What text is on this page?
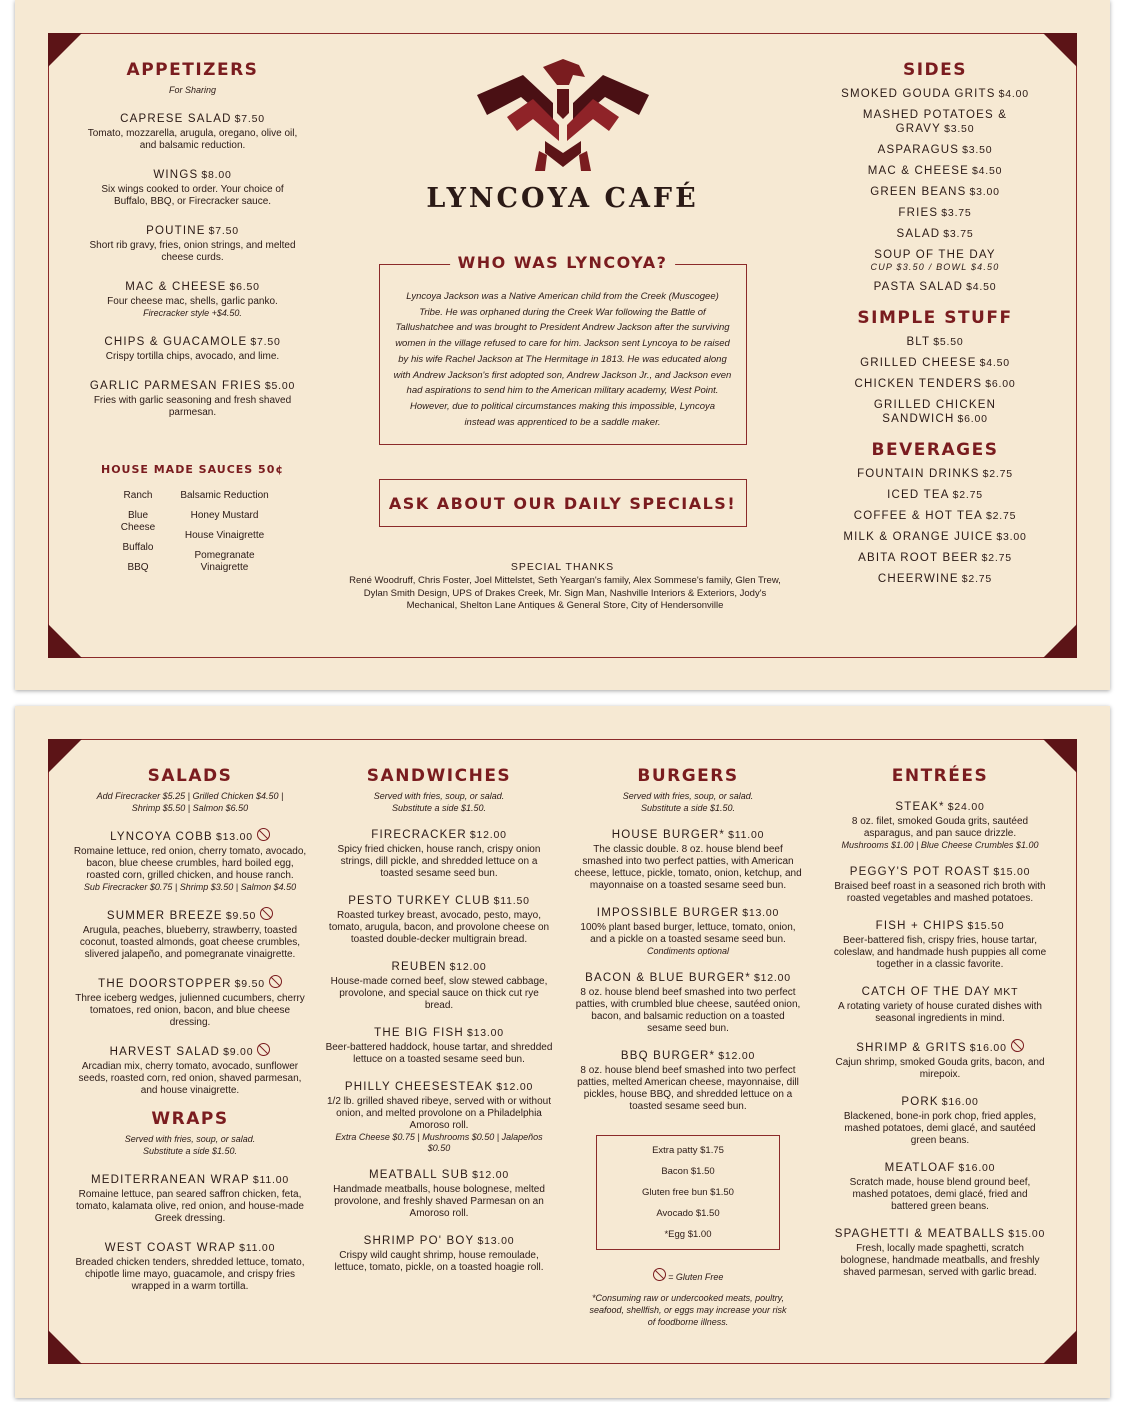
APPETIZERS
For Sharing
CAPRESE SALAD $7.50
Tomato, mozzarella, arugula, oregano, olive oil, and balsamic reduction.
WINGS $8.00
Six wings cooked to order. Your choice of Buffalo, BBQ, or Firecracker sauce.
POUTINE $7.50
Short rib gravy, fries, onion strings, and melted cheese curds.
MAC & CHEESE $6.50
Four cheese mac, shells, garlic panko.
Firecracker style +$4.50.
CHIPS & GUACAMOLE $7.50
Crispy tortilla chips, avocado, and lime.
GARLIC PARMESAN FRIES $5.00
Fries with garlic seasoning and fresh shaved parmesan.
HOUSE MADE SAUCES 50¢
Ranch
Blue Cheese
Buffalo
BBQ
Balsamic Reduction
Honey Mustard
House Vinaigrette
Pomegranate Vinaigrette
LYNCOYA CAFÉ
WHO WAS LYNCOYA?
Lyncoya Jackson was a Native American child from the Creek (Muscogee) Tribe. He was orphaned during the Creek War following the Battle of Tallushatchee and was brought to President Andrew Jackson after the surviving women in the village refused to care for him. Jackson sent Lyncoya to be raised by his wife Rachel Jackson at The Hermitage in 1813. He was educated along with Andrew Jackson's first adopted son, Andrew Jackson Jr., and Jackson even had aspirations to send him to the American military academy, West Point. However, due to political circumstances making this impossible, Lyncoya instead was apprenticed to be a saddle maker.
ASK ABOUT OUR DAILY SPECIALS!
SPECIAL THANKS
René Woodruff, Chris Foster, Joel Mittelstet, Seth Yeargan's family, Alex Sommese's family, Glen Trew, Dylan Smith Design, UPS of Drakes Creek, Mr. Sign Man, Nashville Interiors & Exteriors, Jody's Mechanical, Shelton Lane Antiques & General Store, City of Hendersonville
SIDES
SMOKED GOUDA GRITS $4.00
MASHED POTATOES & GRAVY $3.50
ASPARAGUS $3.50
MAC & CHEESE $4.50
GREEN BEANS $3.00
FRIES $3.75
SALAD $3.75
SOUP OF THE DAY
CUP $3.50 / BOWL $4.50
PASTA SALAD $4.50
SIMPLE STUFF
BLT $5.50
GRILLED CHEESE $4.50
CHICKEN TENDERS $6.00
GRILLED CHICKEN SANDWICH $6.00
BEVERAGES
FOUNTAIN DRINKS $2.75
ICED TEA $2.75
COFFEE & HOT TEA $2.75
MILK & ORANGE JUICE $3.00
ABITA ROOT BEER $2.75
CHEERWINE $2.75
SALADS
Add Firecracker $5.25 | Grilled Chicken $4.50 | Shrimp $5.50 | Salmon $6.50
LYNCOYA COBB $13.00
Romaine lettuce, red onion, cherry tomato, avocado, bacon, blue cheese crumbles, hard boiled egg, roasted corn, grilled chicken, and house ranch.
Sub Firecracker $0.75 | Shrimp $3.50 | Salmon $4.50
SUMMER BREEZE $9.50
Arugula, peaches, blueberry, strawberry, toasted coconut, toasted almonds, goat cheese crumbles, slivered jalapeño, and pomegranate vinaigrette.
THE DOORSTOPPER $9.50
Three iceberg wedges, julienned cucumbers, cherry tomatoes, red onion, bacon, and blue cheese dressing.
HARVEST SALAD $9.00
Arcadian mix, cherry tomato, avocado, sunflower seeds, roasted corn, red onion, shaved parmesan, and house vinaigrette.
WRAPS
Served with fries, soup, or salad. Substitute a side $1.50.
MEDITERRANEAN WRAP $11.00
Romaine lettuce, pan seared saffron chicken, feta, tomato, kalamata olive, red onion, and house-made Greek dressing.
WEST COAST WRAP $11.00
Breaded chicken tenders, shredded lettuce, tomato, chipotle lime mayo, guacamole, and crispy fries wrapped in a warm tortilla.
SANDWICHES
Served with fries, soup, or salad. Substitute a side $1.50.
FIRECRACKER $12.00
Spicy fried chicken, house ranch, crispy onion strings, dill pickle, and shredded lettuce on a toasted sesame seed bun.
PESTO TURKEY CLUB $11.50
Roasted turkey breast, avocado, pesto, mayo, tomato, arugula, bacon, and provolone cheese on toasted double-decker multigrain bread.
REUBEN $12.00
House-made corned beef, slow stewed cabbage, provolone, and special sauce on thick cut rye bread.
THE BIG FISH $13.00
Beer-battered haddock, house tartar, and shredded lettuce on a toasted sesame seed bun.
PHILLY CHEESESTEAK $12.00
1/2 lb. grilled shaved ribeye, served with or without onion, and melted provolone on a Philadelphia Amoroso roll.
Extra Cheese $0.75 | Mushrooms $0.50 | Jalapeños $0.50
MEATBALL SUB $12.00
Handmade meatballs, house bolognese, melted provolone, and freshly shaved Parmesan on an Amoroso roll.
SHRIMP PO' BOY $13.00
Crispy wild caught shrimp, house remoulade, lettuce, tomato, pickle, on a toasted hoagie roll.
BURGERS
Served with fries, soup, or salad. Substitute a side $1.50.
HOUSE BURGER* $11.00
The classic double. 8 oz. house blend beef smashed into two perfect patties, with American cheese, lettuce, pickle, tomato, onion, ketchup, and mayonnaise on a toasted sesame seed bun.
IMPOSSIBLE BURGER $13.00
100% plant based burger, lettuce, tomato, onion, and a pickle on a toasted sesame seed bun.
Condiments optional
BACON & BLUE BURGER* $12.00
8 oz. house blend beef smashed into two perfect patties, with crumbled blue cheese, sautéed onion, bacon, and balsamic reduction on a toasted sesame seed bun.
BBQ BURGER* $12.00
8 oz. house blend beef smashed into two perfect patties, melted American cheese, mayonnaise, dill pickles, house BBQ, and shredded lettuce on a toasted sesame seed bun.
Extra patty $1.75
Bacon $1.50
Gluten free bun $1.50
Avocado $1.50
*Egg $1.00
= Gluten Free
*Consuming raw or undercooked meats, poultry, seafood, shellfish, or eggs may increase your risk of foodborne illness.
ENTRÉES
STEAK* $24.00
8 oz. filet, smoked Gouda grits, sautéed asparagus, and pan sauce drizzle.
Mushrooms $1.00 | Blue Cheese Crumbles $1.00
PEGGY'S POT ROAST $15.00
Braised beef roast in a seasoned rich broth with roasted vegetables and mashed potatoes.
FISH + CHIPS $15.50
Beer-battered fish, crispy fries, house tartar, coleslaw, and handmade hush puppies all come together in a classic favorite.
CATCH OF THE DAY MKT
A rotating variety of house curated dishes with seasonal ingredients in mind.
SHRIMP & GRITS $16.00
Cajun shrimp, smoked Gouda grits, bacon, and mirepoix.
PORK $16.00
Blackened, bone-in pork chop, fried apples, mashed potatoes, demi glacé, and sautéed green beans.
MEATLOAF $16.00
Scratch made, house blend ground beef, mashed potatoes, demi glacé, fried and battered green beans.
SPAGHETTI & MEATBALLS $15.00
Fresh, locally made spaghetti, scratch bolognese, handmade meatballs, and freshly shaved parmesan, served with garlic bread.
